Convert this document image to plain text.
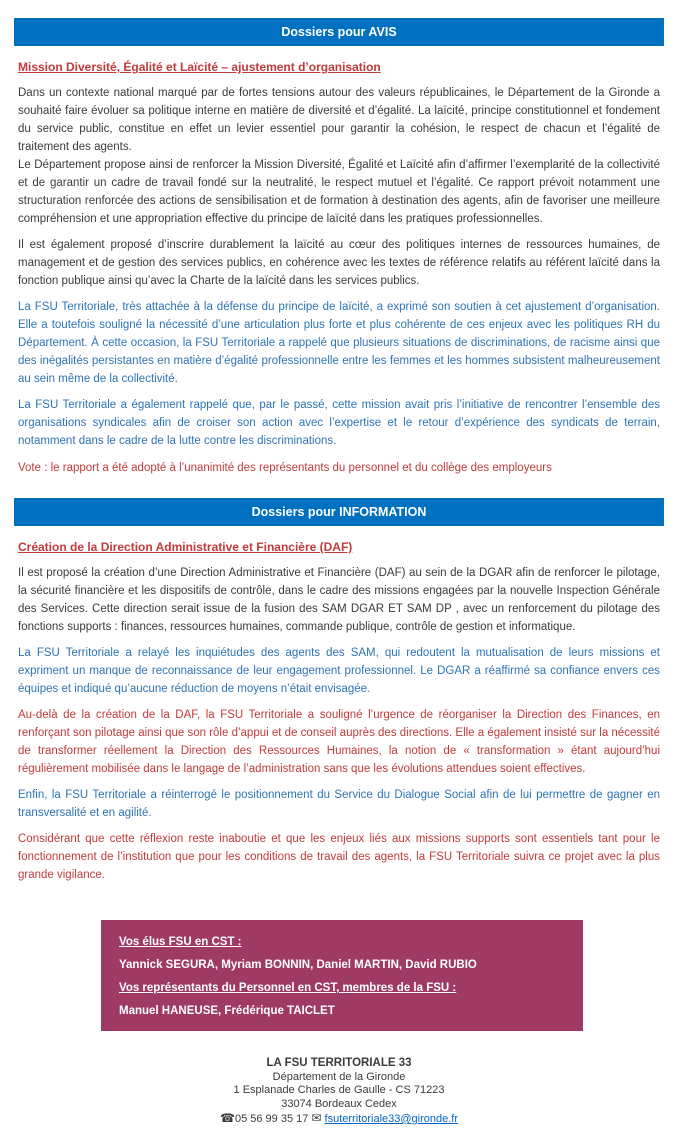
Dossiers pour AVIS
Mission Diversité, Égalité et Laïcité – ajustement d’organisation

Dans un contexte national marqué par de fortes tensions autour des valeurs républicaines, le Département de la Gironde a souhaité faire évoluer sa politique interne en matière de diversité et d’égalité. La laïcité, principe constitutionnel et fondement du service public, constitue en effet un levier essentiel pour garantir la cohésion, le respect de chacun et l’égalité de traitement des agents.

Le Département propose ainsi de renforcer la Mission Diversité, Égalité et Laïcité afin d’affirmer l’exemplarité de la collectivité et de garantir un cadre de travail fondé sur la neutralité, le respect mutuel et l’égalité. Ce rapport prévoit notamment une structuration renforcée des actions de sensibilisation et de formation à destination des agents, afin de favoriser une meilleure compréhension et une appropriation effective du principe de laïcité dans les pratiques professionnelles.

Il est également proposé d’inscrire durablement la laïcité au cœur des politiques internes de ressources humaines, de management et de gestion des services publics, en cohérence avec les textes de référence relatifs au référent laïcité dans la fonction publique ainsi qu’avec la Charte de la laïcité dans les services publics.

La FSU Territoriale, très attachée à la défense du principe de laïcité, a exprimé son soutien à cet ajustement d’organisation. Elle a toutefois souligné la nécessité d’une articulation plus forte et plus cohérente de ces enjeux avec les politiques RH du Département. À cette occasion, la FSU Territoriale a rappelé que plusieurs situations de discriminations, de racisme ainsi que des inégalités persistantes en matière d’égalité professionnelle entre les femmes et les hommes subsistent malheureusement au sein même de la collectivité.

La FSU Territoriale a également rappelé que, par le passé, cette mission avait pris l’initiative de rencontrer l’ensemble des organisations syndicales afin de croiser son action avec l’expertise et le retour d’expérience des syndicats de terrain, notamment dans le cadre de la lutte contre les discriminations.

Vote : le rapport a été adopté à l’unanimité des représentants du personnel et du collège des employeurs
Dossiers pour INFORMATION
Création de la Direction Administrative et Financière (DAF)

Il est proposé la création d’une Direction Administrative et Financière (DAF) au sein de la DGAR afin de renforcer le pilotage, la sécurité financière et les dispositifs de contrôle, dans le cadre des missions engagées par la nouvelle Inspection Générale des Services. Cette direction serait issue de la fusion des SAM DGAR ET SAM DP , avec un renforcement du pilotage des fonctions supports : finances, ressources humaines, commande publique, contrôle de gestion et informatique.

La FSU Territoriale a relayé les inquiétudes des agents des SAM, qui redoutent la mutualisation de leurs missions et expriment un manque de reconnaissance de leur engagement professionnel. Le DGAR a réaffirmé sa confiance envers ces équipes et indiqué qu’aucune réduction de moyens n’était envisagée.

Au-delà de la création de la DAF, la FSU Territoriale a souligné l’urgence de réorganiser la Direction des Finances, en renforçant son pilotage ainsi que son rôle d’appui et de conseil auprès des directions. Elle a également insisté sur la nécessité de transformer réellement la Direction des Ressources Humaines, la notion de « transformation » étant aujourd’hui régulièrement mobilisée dans le langage de l’administration sans que les évolutions attendues soient effectives.

Enfin, la FSU Territoriale a réinterrogé le positionnement du Service du Dialogue Social afin de lui permettre de gagner en transversalité et en agilité.

Considérant que cette réflexion reste inaboutie et que les enjeux liés aux missions supports sont essentiels tant pour le fonctionnement de l’institution que pour les conditions de travail des agents, la FSU Territoriale suivra ce projet avec la plus grande vigilance.

Vos élus FSU en CST :
Yannick SEGURA, Myriam BONNIN, Daniel MARTIN, David RUBIO
Vos représentants du Personnel en CST, membres de la FSU :
Manuel HANEUSE, Frédérique TAICLET
LA FSU TERRITORIALE 33
Département de la Gironde
1 Esplanade Charles de Gaulle - CS 71223
33074 Bordeaux Cedex
☎05 56 99 35 17 ✉ fsuterritoriale33@gironde.fr
